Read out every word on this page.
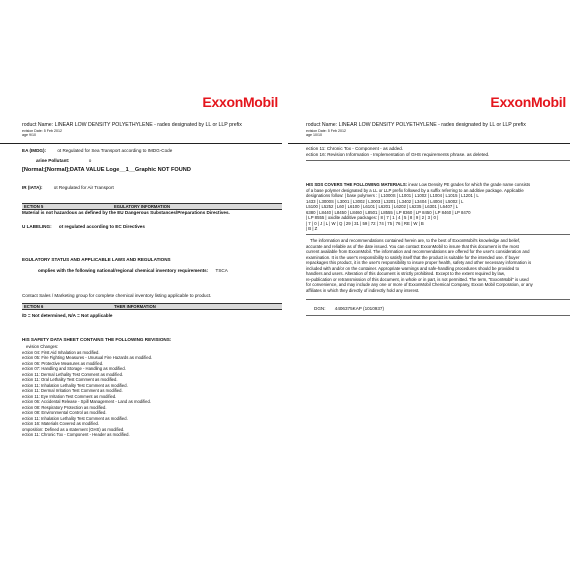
ExxonMobil
roduct Name: LINEAR LOW DENSITY POLYETHYLENE - rades designated by LL or LLP prefix
evision Date: 5 Feb 2012
age 9/10
EA (IMDG): ot Regulated for Sea Transport according to IMDG-Code
arine Pollutant:	o
[Normal;[Normal];DATA VALUE Loge__1__Graphic NOT FOUND
IR (IATA): ot Regulated for Air Transport
ECTION 5	EGULATORY INFORMATION
Material is not hazardous as defined by the EU Dangerous Substances/Preparations Directives.
U LABELING: ot regulated according to EC Directives
EGULATORY STATUS AND APPLICABLE LAWS AND REGULATIONS
omplies with the following national/regional chemical inventory requirements: TSCA
Contact Sales / Marketing group for complete chemical inventory listing applicable to product.
ECTION 6	THER INFORMATION
/D = Not determined, N/A = Not applicable
HIS SAFETY DATA SHEET CONTAINS THE FOLLOWING REVISIONS:
evision Changes:
ection 04: First Aid Inhalation as modified.
ection 05: Fire Fighting Measures - Unusual Fire Hazards as modified.
ection 06: Protective Measures as modified.
ection 07: Handling and Storage - Handling as modified.
ection 11: Dermal Lethality Test Comment as modified.
ection 11: Oral Lethality Test Comment as modified.
ection 11: Inhalation Lethality Test Comment as modified.
ection 11: Dermal Irritation Test Comment as modified.
ection 11: Eye Irritation Test Comment as modified.
ection 06: Accidental Release - Spill Management - Land as modified.
ection 08: Respiratory Protection as modified.
ection 08: Environmental Control as modified.
ection 11: Inhalation Lethality Test Comment as modified.
ection 16: Materials Covered as modified.
omposition: Defined as a statement (GHS) as modified.
ection 11: Chronic Tox - Component - Header as modified.
ExxonMobil
roduct Name: LINEAR LOW DENSITY POLYETHYLENE - rades designated by LL or LLP prefix
evision Date: 5 Feb 2012
age 10/10
ection 11: Chronic Tox - Component - as added.
ection 16: Revision Information - Implementation of GHS requirements phrase. as deleted.
HIS SDS COVERS THE FOLLOWING MATERIALS: inear Low Density PE grades for which the grade name consists
of a base polymer designated by a LL or LLP prefix followed by a suffix referring to an additive package. Applicable
designations follow: | base polymers : | L1000S | L1001 | L1002 | L1004 | L1015 | L1201 | L
1433 | L3000S | L3001 | L3002 | L3003 | L3201 | L3402 | L3404 | L4004 | L5002 | L
L5100 | L5252 | L60 | L6100 | L6101 | L6201 | L6202 | L6235 | L6301 | L6407 | L
6380 | L8440 | L8450 | L8460 | L8501 | L8555 | LP 8360 | LP 8450 | LP 8460 | LP 8470
| LP 8555 | oxidite additive packages: | 8 | 7 | 1 | 4 | 5 | 8 | 9 | 2 | 3 | 0 |
| 7 | 0 | J | L | W | Q | 29 | 31 | 59 | 72 | 74 | 75 | 76 | RE | W | B
| B | Z
The information and recommendations contained herein are, to the best of ExxonMobil's knowledge and belief,
accurate and reliable as of the date issued. You can contact ExxonMobil to insure that this document is the most
current available from ExxonMobil. The information and recommendations are offered for the user's consideration and
examination. It is the user's responsibility to satisfy itself that the product is suitable for the intended use. If buyer
repackages this product, it is the user's responsibility to insure proper health, safety and other necessary information is
included with and/or on the container. Appropriate warnings and safe-handling procedures should be provided to
handlers and users. Alteration of this document is strictly prohibited. Except to the extent required by law,
re-publication or retransmission of this document, in whole or in part, is not permitted. The term, "ExxonMobil" is used
for convenience, and may include any one or more of ExxonMobil Chemical Company, Exxon Mobil Corporation, or any
affiliates in which they directly of indirectly hold any interest.
DGN: 4406375KAP (1010937)
